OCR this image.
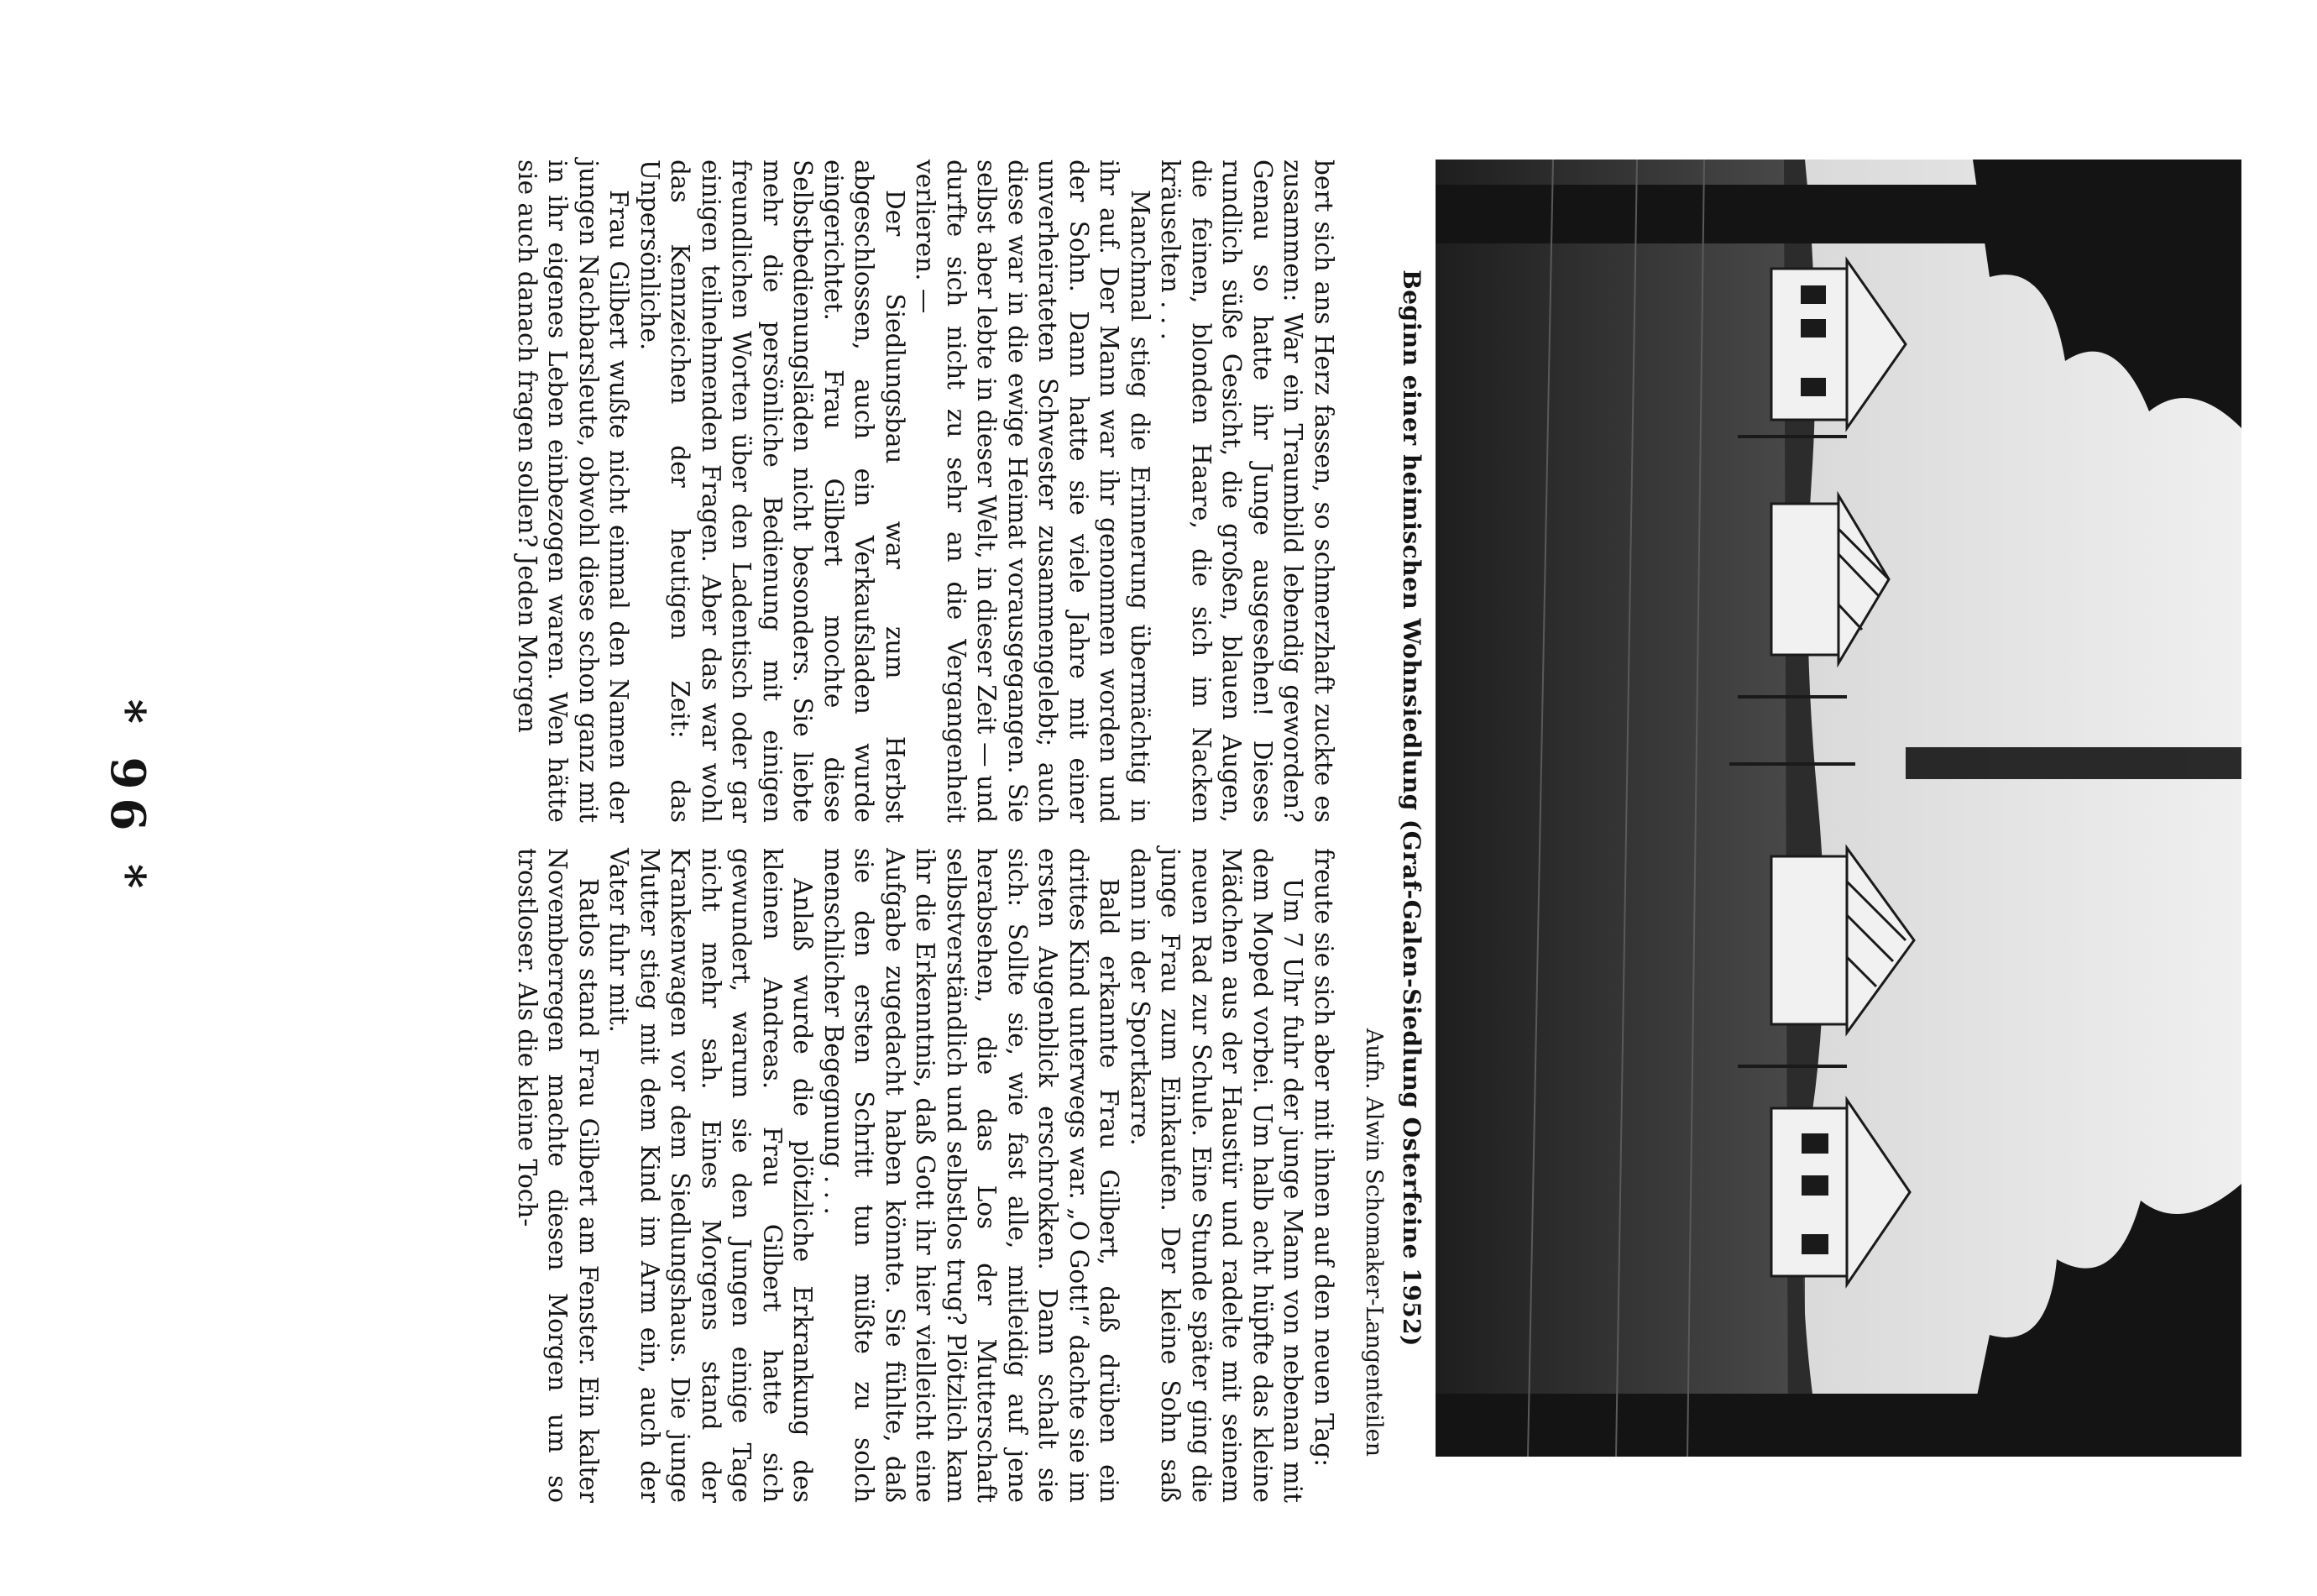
Beginn einer heimischen Wohnsiedlung (Graf-Galen-Siedlung Osterfeine 1952)
Aufn. Alwin Schomaker-Langenteilen

bert sich ans Herz fassen, so schmerzhaft zuckte es zusammen: War ein Traumbild lebendig geworden? Genau so hatte ihr Junge ausgesehen! Dieses rundlich süße Gesicht, die großen, blauen Augen, die feinen, blonden Haare, die sich im Nacken kräuselten . . .

Manchmal stieg die Erinnerung übermächtig in ihr auf. Der Mann war ihr genommen worden und der Sohn. Dann hatte sie viele Jahre mit einer unverheirateten Schwester zusammengelebt; auch diese war in die ewige Heimat vorausgegangen. Sie selbst aber lebte in dieser Welt, in dieser Zeit — und durfte sich nicht zu sehr an die Vergangenheit verlieren. —

Der Siedlungsbau war zum Herbst abgeschlossen, auch ein Verkaufsladen wurde eingerichtet. Frau Gilbert mochte diese Selbstbedienungsläden nicht besonders. Sie liebte mehr die persönliche Bedienung mit einigen freundlichen Worten über den Ladentisch oder gar einigen teilnehmenden Fragen. Aber das war wohl das Kennzeichen der heutigen Zeit: das Unpersönliche.

Frau Gilbert wußte nicht einmal den Namen der jungen Nachbarsleute, obwohl diese schon ganz mit in ihr eigenes Leben einbezogen waren. Wen hätte sie auch danach fragen sollen? Jeden Morgen

freute sie sich aber mit ihnen auf den neuen Tag:

Um 7 Uhr fuhr der junge Mann von nebenan mit dem Moped vorbei. Um halb acht hüpfte das kleine Mädchen aus der Haustür und radelte mit seinem neuen Rad zur Schule. Eine Stunde später ging die junge Frau zum Einkaufen. Der kleine Sohn saß dann in der Sportkarre.

Bald erkannte Frau Gilbert, daß drüben ein drittes Kind unterwegs war. „O Gott!“ dachte sie im ersten Augenblick erschrokken. Dann schalt sie sich: Sollte sie, wie fast alle, mitleidig auf jene herabsehen, die das Los der Mutterschaft selbstverständlich und selbstlos trug? Plötzlich kam ihr die Erkenntnis, daß Gott ihr hier vielleicht eine Aufgabe zugedacht haben könnte. Sie fühlte, daß sie den ersten Schritt tun müßte zu solch menschlicher Begegnung . . .

Anlaß wurde die plötzliche Erkrankung des kleinen Andreas. Frau Gilbert hatte sich gewundert, warum sie den Jungen einige Tage nicht mehr sah. Eines Morgens stand der Krankenwagen vor dem Siedlungshaus. Die junge Mutter stieg mit dem Kind im Arm ein, auch der Vater fuhr mit.

Ratlos stand Frau Gilbert am Fenster. Ein kalter Novemberregen machte diesen Morgen um so trostloser. Als die kleine Toch-

* 96 *
